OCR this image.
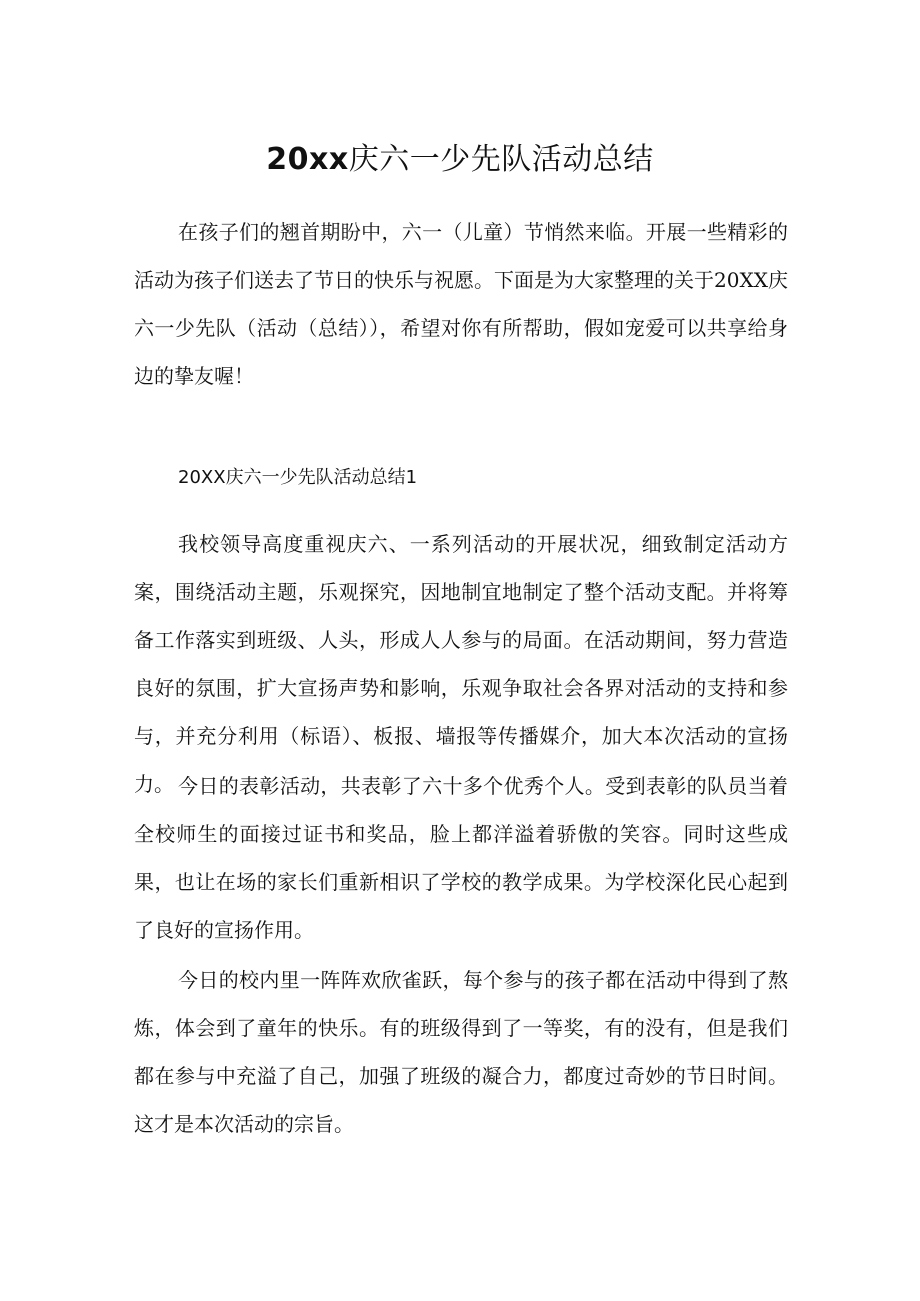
20xx庆六一少先队活动总结

在孩子们的翘首期盼中，六一（儿童）节悄然来临。开展一些精彩的活动为孩子们送去了节日的快乐与祝愿。下面是为大家整理的关于20XX庆六一少先队（活动（总结）），希望对你有所帮助，假如宠爱可以共享给身边的挚友喔！

20XX庆六一少先队活动总结1

我校领导高度重视庆六、一系列活动的开展状况，细致制定活动方案，围绕活动主题，乐观探究，因地制宜地制定了整个活动支配。并将筹备工作落实到班级、人头，形成人人参与的局面。在活动期间，努力营造良好的氛围，扩大宣扬声势和影响，乐观争取社会各界对活动的支持和参与，并充分利用（标语）、板报、墙报等传播媒介，加大本次活动的宣扬力。 今日的表彰活动，共表彰了六十多个优秀个人。受到表彰的队员当着全校师生的面接过证书和奖品，脸上都洋溢着骄傲的笑容。同时这些成果，也让在场的家长们重新相识了学校的教学成果。为学校深化民心起到了良好的宣扬作用。

今日的校内里一阵阵欢欣雀跃，每个参与的孩子都在活动中得到了熬炼，体会到了童年的快乐。有的班级得到了一等奖，有的没有，但是我们都在参与中充溢了自己，加强了班级的凝合力，都度过奇妙的节日时间。这才是本次活动的宗旨。
